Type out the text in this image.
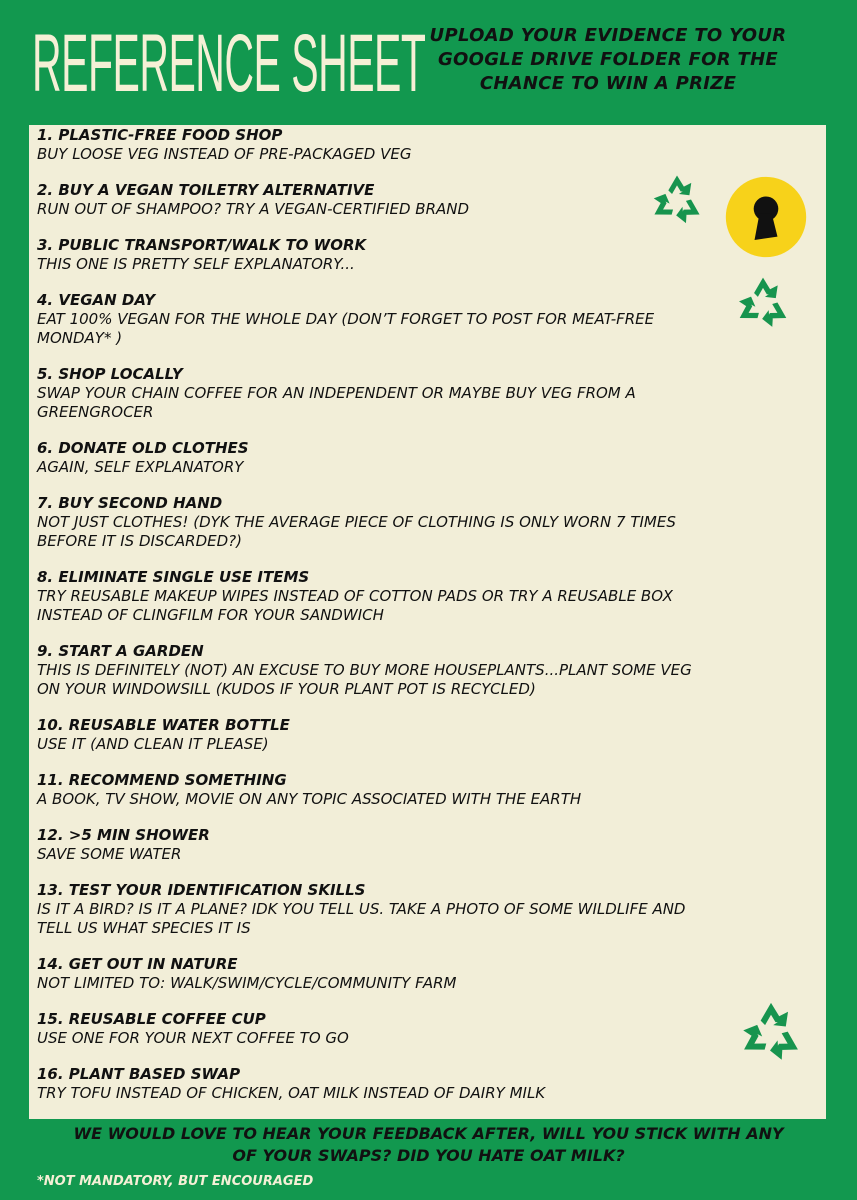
REFERENCE SHEET UPLOAD YOUR EVIDENCE TO YOUR
GOOGLE DRIVE FOLDER FOR THE
CHANCE TO WIN A PRIZE
1. PLASTIC-FREE FOOD SHOP
BUY LOOSE VEG INSTEAD OF PRE-PACKAGED VEG
2. BUY A VEGAN TOILETRY ALTERNATIVE
RUN OUT OF SHAMPOO? TRY A VEGAN-CERTIFIED BRAND
3. PUBLIC TRANSPORT/WALK TO WORK
THIS ONE IS PRETTY SELF EXPLANATORY...
4. VEGAN DAY
EAT 100% VEGAN FOR THE WHOLE DAY (DON’T FORGET TO POST FOR MEAT-FREE
MONDAY* )
5. SHOP LOCALLY
SWAP YOUR CHAIN COFFEE FOR AN INDEPENDENT OR MAYBE BUY VEG FROM A
GREENGROCER
6. DONATE OLD CLOTHES
AGAIN, SELF EXPLANATORY
7. BUY SECOND HAND
NOT JUST CLOTHES! (DYK THE AVERAGE PIECE OF CLOTHING IS ONLY WORN 7 TIMES
BEFORE IT IS DISCARDED?)
8. ELIMINATE SINGLE USE ITEMS
TRY REUSABLE MAKEUP WIPES INSTEAD OF COTTON PADS OR TRY A REUSABLE BOX
INSTEAD OF CLINGFILM FOR YOUR SANDWICH
9. START A GARDEN
THIS IS DEFINITELY (NOT) AN EXCUSE TO BUY MORE HOUSEPLANTS...PLANT SOME VEG
ON YOUR WINDOWSILL (KUDOS IF YOUR PLANT POT IS RECYCLED)
10. REUSABLE WATER BOTTLE
USE IT (AND CLEAN IT PLEASE)
11. RECOMMEND SOMETHING
A BOOK, TV SHOW, MOVIE ON ANY TOPIC ASSOCIATED WITH THE EARTH
12. >5 MIN SHOWER
SAVE SOME WATER
13. TEST YOUR IDENTIFICATION SKILLS
IS IT A BIRD? IS IT A PLANE? IDK YOU TELL US. TAKE A PHOTO OF SOME WILDLIFE AND
TELL US WHAT SPECIES IT IS
14. GET OUT IN NATURE
NOT LIMITED TO: WALK/SWIM/CYCLE/COMMUNITY FARM
15. REUSABLE COFFEE CUP
USE ONE FOR YOUR NEXT COFFEE TO GO
16. PLANT BASED SWAP
TRY TOFU INSTEAD OF CHICKEN, OAT MILK INSTEAD OF DAIRY MILK
WE WOULD LOVE TO HEAR YOUR FEEDBACK AFTER, WILL YOU STICK WITH ANY
OF YOUR SWAPS? DID YOU HATE OAT MILK?
*NOT MANDATORY, BUT ENCOURAGED
